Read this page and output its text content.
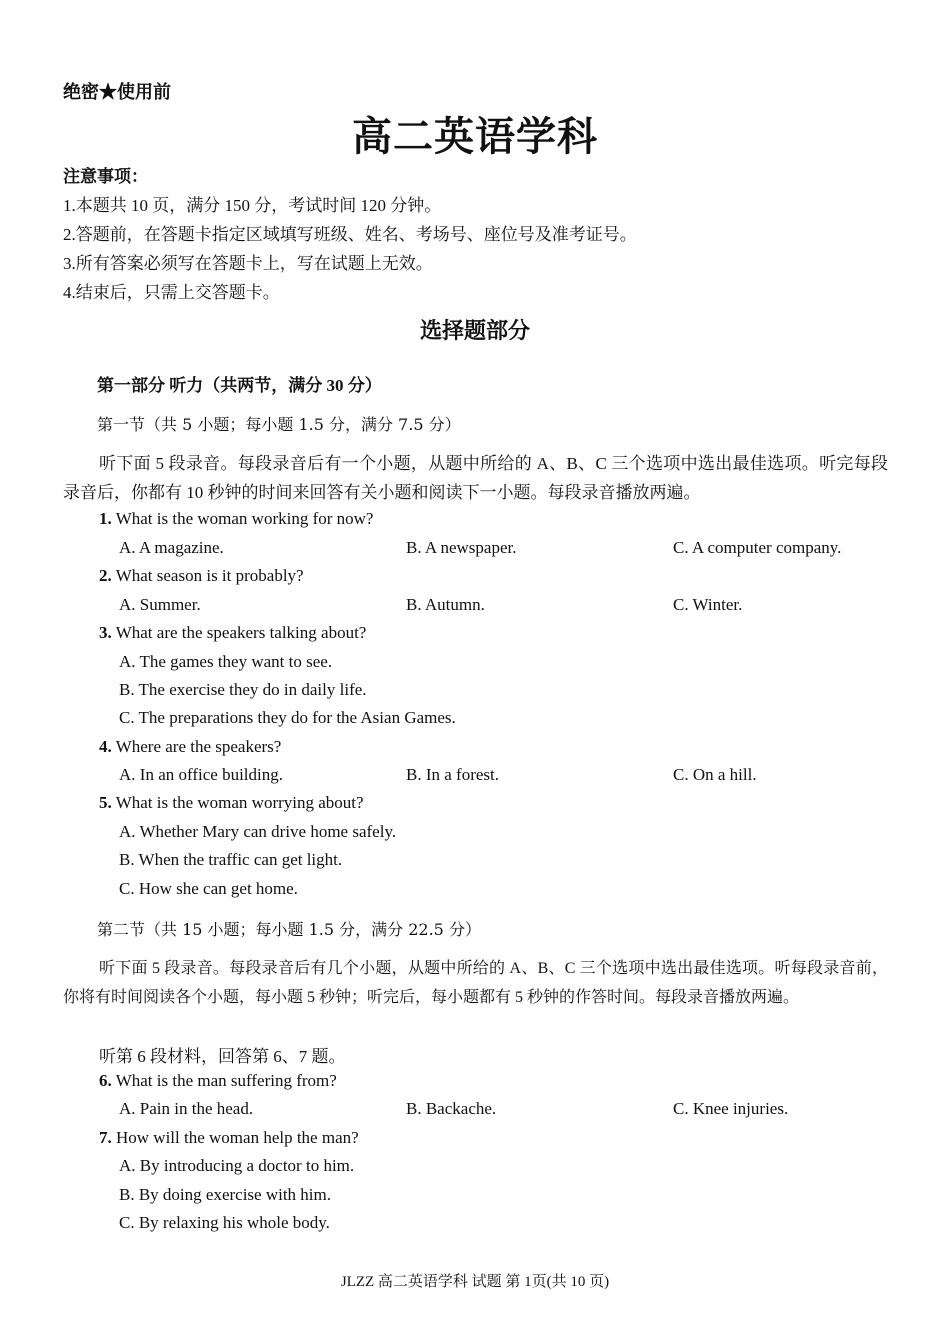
绝密★使用前
高二英语学科
注意事项：
1.本题共 10 页，满分 150 分，考试时间 120 分钟。
2.答题前，在答题卡指定区域填写班级、姓名、考场号、座位号及准考证号。
3.所有答案必须写在答题卡上，写在试题上无效。
4.结束后，只需上交答题卡。
选择题部分
第一部分 听力（共两节，满分 30 分）
第一节（共 5 小题；每小题 1.5 分，满分 7.5 分）
听下面 5 段录音。每段录音后有一个小题，从题中所给的 A、B、C 三个选项中选出最佳选项。听完每段录音后，你都有 10 秒钟的时间来回答有关小题和阅读下一小题。每段录音播放两遍。
1. What is the woman working for now?
A. A magazine.	B. A newspaper.	C. A computer company.
2. What season is it probably?
A. Summer.	B. Autumn.	C. Winter.
3. What are the speakers talking about?
A. The games they want to see.
B. The exercise they do in daily life.
C. The preparations they do for the Asian Games.
4. Where are the speakers?
A. In an office building.	B. In a forest.	C. On a hill.
5. What is the woman worrying about?
A. Whether Mary can drive home safely.
B. When the traffic can get light.
C. How she can get home.
第二节（共 15 小题；每小题 1.5 分，满分 22.5 分）
听下面 5 段录音。每段录音后有几个小题，从题中所给的 A、B、C 三个选项中选出最佳选项。听每段录音前，你将有时间阅读各个小题，每小题 5 秒钟；听完后，每小题都有 5 秒钟的作答时间。每段录音播放两遍。
听第 6 段材料，回答第 6、7 题。
6. What is the man suffering from?
A. Pain in the head.	B. Backache.	C. Knee injuries.
7. How will the woman help the man?
A. By introducing a doctor to him.
B. By doing exercise with him.
C. By relaxing his whole body.
JLZZ 高二英语学科 试题 第 1页(共 10 页)
